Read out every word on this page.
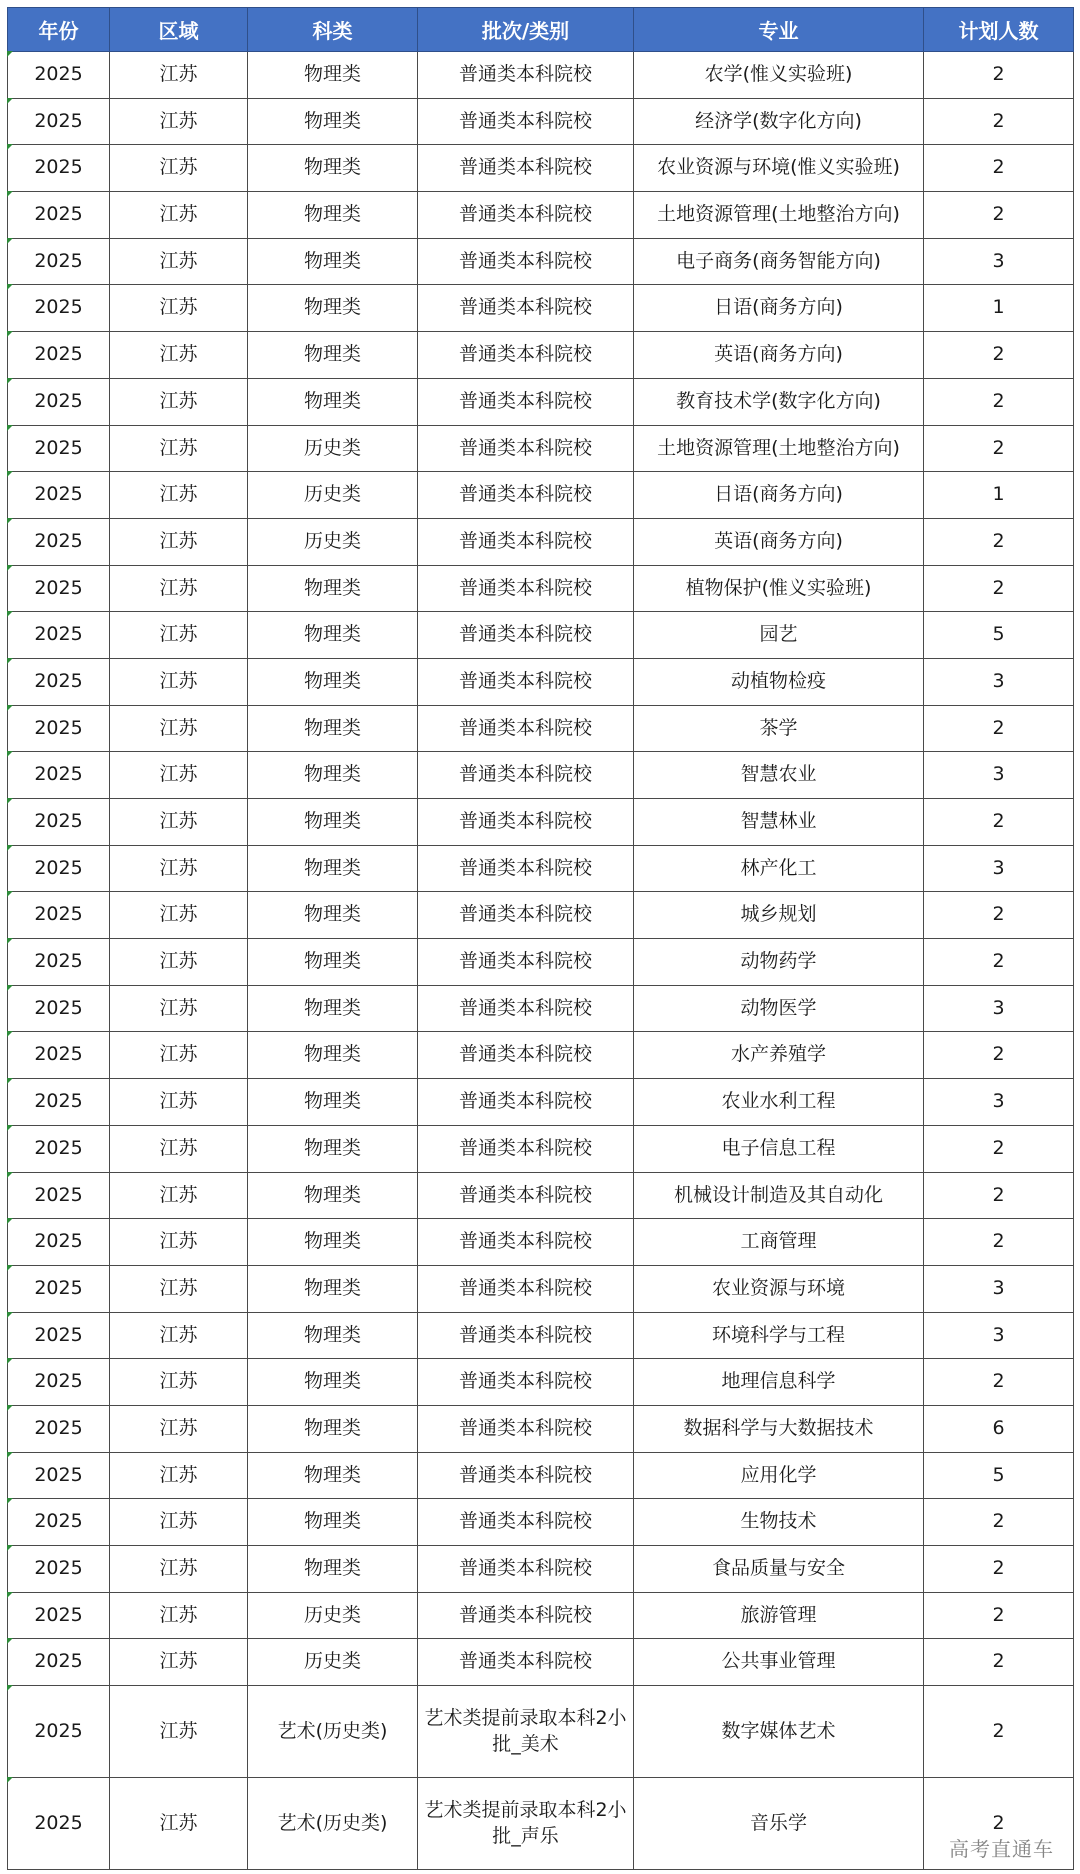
年份	区域	科类	批次/类别	专业	计划人数
2025	江苏	物理类	普通类本科院校	农学(惟义实验班)	2
2025	江苏	物理类	普通类本科院校	经济学(数字化方向)	2
2025	江苏	物理类	普通类本科院校	农业资源与环境(惟义实验班)	2
2025	江苏	物理类	普通类本科院校	土地资源管理(土地整治方向)	2
2025	江苏	物理类	普通类本科院校	电子商务(商务智能方向)	3
2025	江苏	物理类	普通类本科院校	日语(商务方向)	1
2025	江苏	物理类	普通类本科院校	英语(商务方向)	2
2025	江苏	物理类	普通类本科院校	教育技术学(数字化方向)	2
2025	江苏	历史类	普通类本科院校	土地资源管理(土地整治方向)	2
2025	江苏	历史类	普通类本科院校	日语(商务方向)	1
2025	江苏	历史类	普通类本科院校	英语(商务方向)	2
2025	江苏	物理类	普通类本科院校	植物保护(惟义实验班)	2
2025	江苏	物理类	普通类本科院校	园艺	5
2025	江苏	物理类	普通类本科院校	动植物检疫	3
2025	江苏	物理类	普通类本科院校	茶学	2
2025	江苏	物理类	普通类本科院校	智慧农业	3
2025	江苏	物理类	普通类本科院校	智慧林业	2
2025	江苏	物理类	普通类本科院校	林产化工	3
2025	江苏	物理类	普通类本科院校	城乡规划	2
2025	江苏	物理类	普通类本科院校	动物药学	2
2025	江苏	物理类	普通类本科院校	动物医学	3
2025	江苏	物理类	普通类本科院校	水产养殖学	2
2025	江苏	物理类	普通类本科院校	农业水利工程	3
2025	江苏	物理类	普通类本科院校	电子信息工程	2
2025	江苏	物理类	普通类本科院校	机械设计制造及其自动化	2
2025	江苏	物理类	普通类本科院校	工商管理	2
2025	江苏	物理类	普通类本科院校	农业资源与环境	3
2025	江苏	物理类	普通类本科院校	环境科学与工程	3
2025	江苏	物理类	普通类本科院校	地理信息科学	2
2025	江苏	物理类	普通类本科院校	数据科学与大数据技术	6
2025	江苏	物理类	普通类本科院校	应用化学	5
2025	江苏	物理类	普通类本科院校	生物技术	2
2025	江苏	物理类	普通类本科院校	食品质量与安全	2
2025	江苏	历史类	普通类本科院校	旅游管理	2
2025	江苏	历史类	普通类本科院校	公共事业管理	2
2025	江苏	艺术(历史类)	艺术类提前录取本科2小批_美术	数字媒体艺术	2
2025	江苏	艺术(历史类)	艺术类提前录取本科2小批_声乐	音乐学	2
高考直通车
